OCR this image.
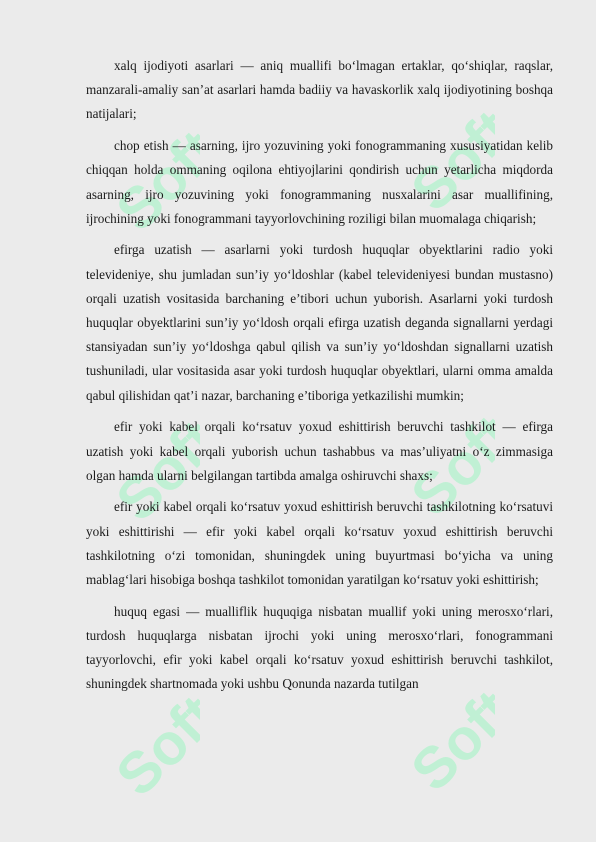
Soft	Soft
Soft	Soft
Soft	Soft

xalq ijodiyoti asarlari — aniq muallifi boʻlmagan ertaklar, qoʻshiqlar, raqslar, manzarali-amaliy san’at asarlari hamda badiiy va havaskorlik xalq ijodiyotining boshqa natijalari;

chop etish — asarning, ijro yozuvining yoki fonogrammaning xususiyatidan kelib chiqqan holda ommaning oqilona ehtiyojlarini qondirish uchun yetarlicha miqdorda asarning, ijro yozuvining yoki fonogrammaning nusxalarini asar muallifining, ijrochining yoki fonogrammani tayyorlovchining roziligi bilan muomalaga chiqarish;

efirga uzatish — asarlarni yoki turdosh huquqlar obyektlarini radio yoki televideniye, shu jumladan sun’iy yoʻldoshlar (kabel televideniyesi bundan mustasno) orqali uzatish vositasida barchaning e’tibori uchun yuborish. Asarlarni yoki turdosh huquqlar obyektlarini sun’iy yoʻldosh orqali efirga uzatish deganda signallarni yerdagi stansiyadan sun’iy yoʻldoshga qabul qilish va sun’iy yoʻldoshdan signallarni uzatish tushuniladi, ular vositasida asar yoki turdosh huquqlar obyektlari, ularni omma amalda qabul qilishidan qat’i nazar, barchaning e’tiboriga yetkazilishi mumkin;

efir yoki kabel orqali koʻrsatuv yoxud eshittirish beruvchi tashkilot — efirga uzatish yoki kabel orqali yuborish uchun tashabbus va mas’uliyatni oʻz zimmasiga olgan hamda ularni belgilangan tartibda amalga oshiruvchi shaxs;

efir yoki kabel orqali koʻrsatuv yoxud eshittirish beruvchi tashkilotning koʻrsatuvi yoki eshittirishi — efir yoki kabel orqali koʻrsatuv yoxud eshittirish beruvchi tashkilotning oʻzi tomonidan, shuningdek uning buyurtmasi boʻyicha va uning mablagʻlari hisobiga boshqa tashkilot tomonidan yaratilgan koʻrsatuv yoki eshittirish;

huquq egasi — mualliflik huquqiga nisbatan muallif yoki uning merosxoʻrlari, turdosh huquqlarga nisbatan ijrochi yoki uning merosxoʻrlari, fonogrammani tayyorlovchi, efir yoki kabel orqali koʻrsatuv yoxud eshittirish beruvchi tashkilot, shuningdek shartnomada yoki ushbu Qonunda nazarda tutilgan
